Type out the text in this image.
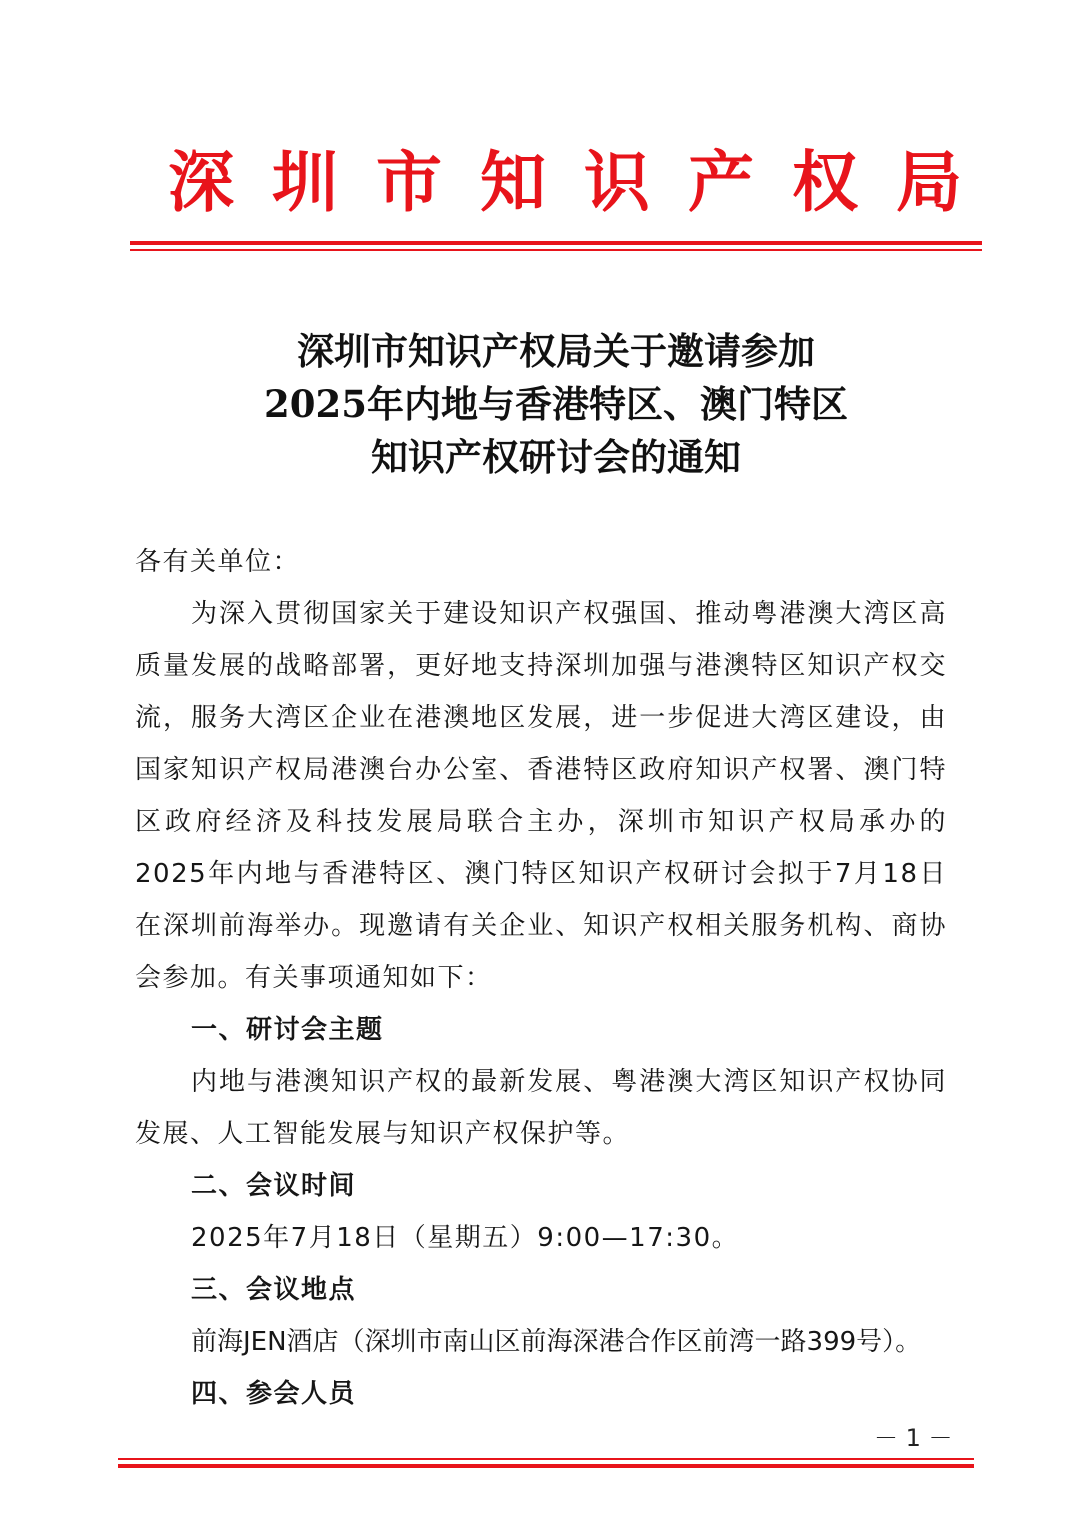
深圳市知识产权局
深圳市知识产权局关于邀请参加
2025年内地与香港特区、澳门特区
知识产权研讨会的通知
各有关单位：
为深入贯彻国家关于建设知识产权强国、推动粤港澳大湾区高质量发展的战略部署，更好地支持深圳加强与港澳特区知识产权交流，服务大湾区企业在港澳地区发展，进一步促进大湾区建设，由国家知识产权局港澳台办公室、香港特区政府知识产权署、澳门特区政府经济及科技发展局联合主办，深圳市知识产权局承办的2025年内地与香港特区、澳门特区知识产权研讨会拟于7月18日在深圳前海举办。现邀请有关企业、知识产权相关服务机构、商协会参加。有关事项通知如下：
一、研讨会主题
内地与港澳知识产权的最新发展、粤港澳大湾区知识产权协同发展、人工智能发展与知识产权保护等。
二、会议时间
2025年7月18日（星期五）9:00—17:30。
三、会议地点
前海JEN酒店（深圳市南山区前海深港合作区前湾一路399号）。
四、参会人员
－ 1 －
